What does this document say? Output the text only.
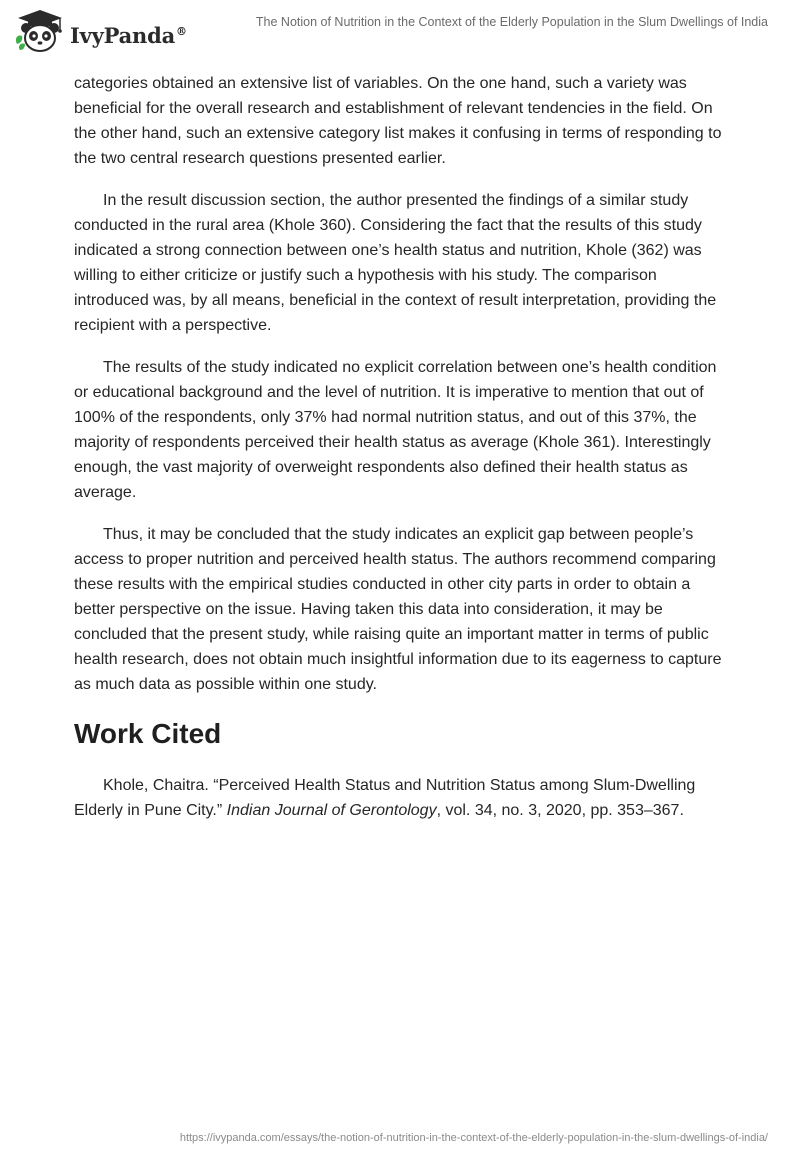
IvyPanda®
The Notion of Nutrition in the Context of the Elderly Population in the Slum Dwellings of India

categories obtained an extensive list of variables. On the one hand, such a variety was beneficial for the overall research and establishment of relevant tendencies in the field. On the other hand, such an extensive category list makes it confusing in terms of responding to the two central research questions presented earlier.

In the result discussion section, the author presented the findings of a similar study conducted in the rural area (Khole 360). Considering the fact that the results of this study indicated a strong connection between one’s health status and nutrition, Khole (362) was willing to either criticize or justify such a hypothesis with his study. The comparison introduced was, by all means, beneficial in the context of result interpretation, providing the recipient with a perspective.

The results of the study indicated no explicit correlation between one’s health condition or educational background and the level of nutrition. It is imperative to mention that out of 100% of the respondents, only 37% had normal nutrition status, and out of this 37%, the majority of respondents perceived their health status as average (Khole 361). Interestingly enough, the vast majority of overweight respondents also defined their health status as average.

Thus, it may be concluded that the study indicates an explicit gap between people’s access to proper nutrition and perceived health status. The authors recommend comparing these results with the empirical studies conducted in other city parts in order to obtain a better perspective on the issue. Having taken this data into consideration, it may be concluded that the present study, while raising quite an important matter in terms of public health research, does not obtain much insightful information due to its eagerness to capture as much data as possible within one study.

Work Cited

Khole, Chaitra. “Perceived Health Status and Nutrition Status among Slum-Dwelling Elderly in Pune City.” Indian Journal of Gerontology, vol. 34, no. 3, 2020, pp. 353–367.

https://ivypanda.com/essays/the-notion-of-nutrition-in-the-context-of-the-elderly-population-in-the-slum-dwellings-of-india/
